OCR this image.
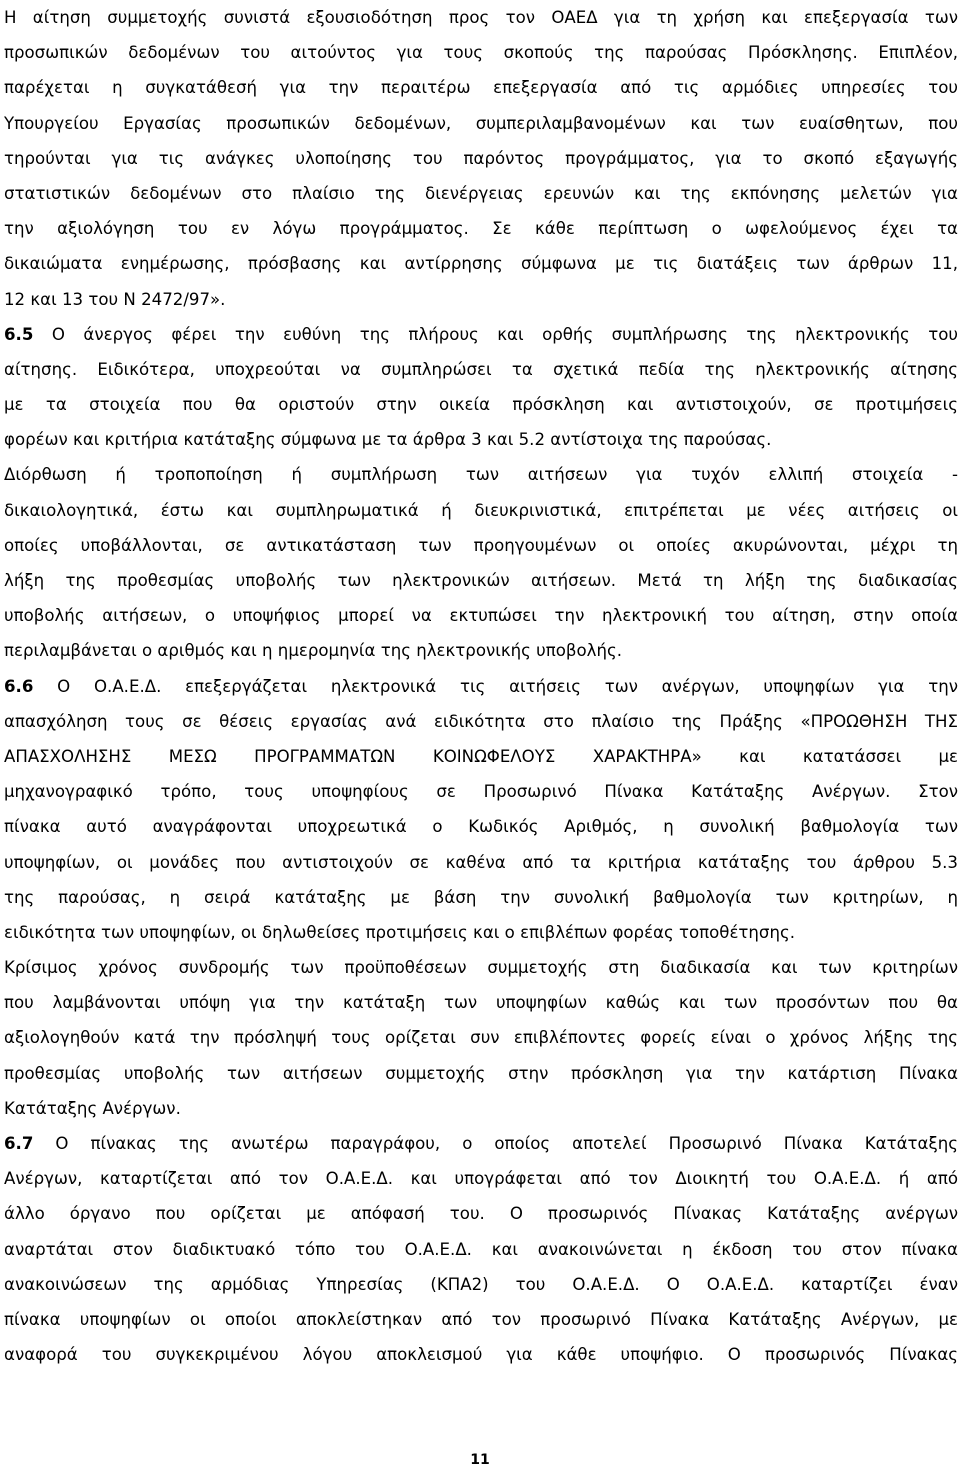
Η αίτηση συμμετοχής συνιστά εξουσιοδότηση προς τον ΟΑΕΔ για τη χρήση και επεξεργασία των
προσωπικών δεδομένων του αιτούντος για τους σκοπούς της παρούσας Πρόσκλησης. Επιπλέον,
παρέχεται η συγκατάθεσή για την περαιτέρω επεξεργασία από τις αρμόδιες υπηρεσίες του
Υπουργείου Εργασίας προσωπικών δεδομένων, συμπεριλαμβανομένων και των ευαίσθητων, που
τηρούνται για τις ανάγκες υλοποίησης του παρόντος προγράμματος, για το σκοπό εξαγωγής
στατιστικών δεδομένων στο πλαίσιο της διενέργειας ερευνών και της εκπόνησης μελετών για
την αξιολόγηση του εν λόγω προγράμματος. Σε κάθε περίπτωση ο ωφελούμενος έχει τα
δικαιώματα ενημέρωσης, πρόσβασης και αντίρρησης σύμφωνα με τις διατάξεις των άρθρων 11,
12 και 13 του Ν 2472/97».
6.5 Ο άνεργος φέρει την ευθύνη της πλήρους και ορθής συμπλήρωσης της ηλεκτρονικής του
αίτησης. Ειδικότερα, υποχρεούται να συμπληρώσει τα σχετικά πεδία της ηλεκτρονικής αίτησης
με τα στοιχεία που θα οριστούν στην οικεία πρόσκληση και αντιστοιχούν, σε προτιμήσεις
φορέων και κριτήρια κατάταξης σύμφωνα με τα άρθρα 3 και 5.2 αντίστοιχα της παρούσας.
Διόρθωση ή τροποποίηση ή συμπλήρωση των αιτήσεων για τυχόν ελλιπή στοιχεία -
δικαιολογητικά, έστω και συμπληρωματικά ή διευκρινιστικά, επιτρέπεται με νέες αιτήσεις οι
οποίες υποβάλλονται, σε αντικατάσταση των προηγουμένων οι οποίες ακυρώνονται, μέχρι τη
λήξη της προθεσμίας υποβολής των ηλεκτρονικών αιτήσεων. Μετά τη λήξη της διαδικασίας
υποβολής αιτήσεων, ο υποψήφιος μπορεί να εκτυπώσει την ηλεκτρονική του αίτηση, στην οποία
περιλαμβάνεται ο αριθμός και η ημερομηνία της ηλεκτρονικής υποβολής.
6.6 Ο Ο.Α.Ε.Δ. επεξεργάζεται ηλεκτρονικά τις αιτήσεις των ανέργων, υποψηφίων για την
απασχόληση τους σε θέσεις εργασίας ανά ειδικότητα στο πλαίσιο της Πράξης «ΠΡΟΩΘΗΣΗ ΤΗΣ
ΑΠΑΣΧΟΛΗΣΗΣ ΜΕΣΩ ΠΡΟΓΡΑΜΜΑΤΩΝ ΚΟΙΝΩΦΕΛΟΥΣ ΧΑΡΑΚΤΗΡΑ» και κατατάσσει με
μηχανογραφικό τρόπο, τους υποψηφίους σε Προσωρινό Πίνακα Κατάταξης Ανέργων. Στον
πίνακα αυτό αναγράφονται υποχρεωτικά ο Κωδικός Αριθμός, η συνολική βαθμολογία των
υποψηφίων, οι μονάδες που αντιστοιχούν σε καθένα από τα κριτήρια κατάταξης του άρθρου 5.3
της παρούσας, η σειρά κατάταξης με βάση την συνολική βαθμολογία των κριτηρίων, η
ειδικότητα των υποψηφίων, οι δηλωθείσες προτιμήσεις και ο επιβλέπων φορέας τοποθέτησης.
Κρίσιμος χρόνος συνδρομής των προϋποθέσεων συμμετοχής στη διαδικασία και των κριτηρίων
που λαμβάνονται υπόψη για την κατάταξη των υποψηφίων καθώς και των προσόντων που θα
αξιολογηθούν κατά την πρόσληψή τους ορίζεται συν επιβλέποντες φορείς είναι ο χρόνος λήξης της
προθεσμίας υποβολής των αιτήσεων συμμετοχής στην πρόσκληση για την κατάρτιση Πίνακα
Κατάταξης Ανέργων.
6.7 Ο πίνακας της ανωτέρω παραγράφου, ο οποίος αποτελεί Προσωρινό Πίνακα Κατάταξης
Ανέργων, καταρτίζεται από τον Ο.Α.Ε.Δ. και υπογράφεται από τον Διοικητή του Ο.Α.Ε.Δ. ή από
άλλο όργανο που ορίζεται με απόφασή του. Ο προσωρινός Πίνακας Κατάταξης ανέργων
αναρτάται στον διαδικτυακό τόπο του Ο.Α.Ε.Δ. και ανακοινώνεται η έκδοση του στον πίνακα
ανακοινώσεων της αρμόδιας Υπηρεσίας (ΚΠΑ2) του Ο.Α.Ε.Δ. Ο Ο.Α.Ε.Δ. καταρτίζει έναν
πίνακα υποψηφίων οι οποίοι αποκλείστηκαν από τον προσωρινό Πίνακα Κατάταξης Ανέργων, με
αναφορά του συγκεκριμένου λόγου αποκλεισμού για κάθε υποψήφιο. Ο προσωρινός Πίνακας
11
